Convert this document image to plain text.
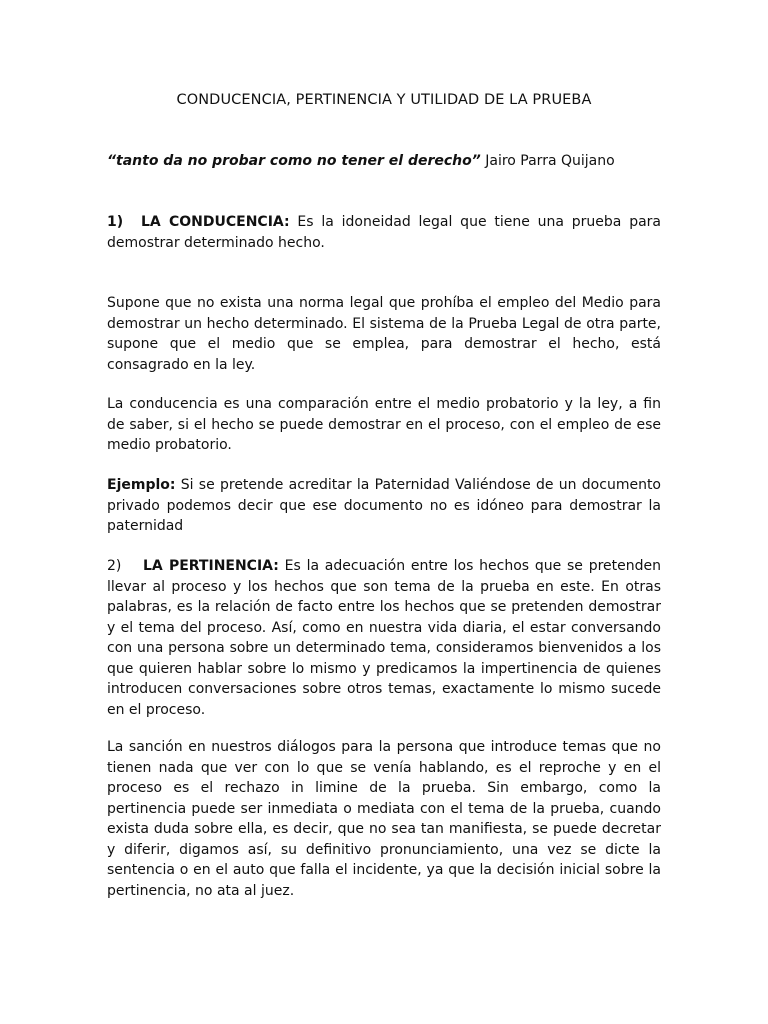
CONDUCENCIA, PERTINENCIA Y UTILIDAD DE LA PRUEBA
“tanto da no probar como no tener el derecho” Jairo Parra Quijano
1) LA CONDUCENCIA: Es la idoneidad legal que tiene una prueba para demostrar determinado hecho.
Supone que no exista una norma legal que prohíba el empleo del Medio para demostrar un hecho determinado. El sistema de la Prueba Legal de otra parte, supone que el medio que se emplea, para demostrar el hecho, está consagrado en la ley.
La conducencia es una comparación entre el medio probatorio y la ley, a fin de saber, si el hecho se puede demostrar en el proceso, con el empleo de ese medio probatorio.
Ejemplo: Si se pretende acreditar la Paternidad Valiéndose de un documento privado podemos decir que ese documento no es idóneo para demostrar la paternidad
2) LA PERTINENCIA: Es la adecuación entre los hechos que se pretenden llevar al proceso y los hechos que son tema de la prueba en este. En otras palabras, es la relación de facto entre los hechos que se pretenden demostrar y el tema del proceso. Así, como en nuestra vida diaria, el estar conversando con una persona sobre un determinado tema, consideramos bienvenidos a los que quieren hablar sobre lo mismo y predicamos la impertinencia de quienes introducen conversaciones sobre otros temas, exactamente lo mismo sucede en el proceso.
La sanción en nuestros diálogos para la persona que introduce temas que no tienen nada que ver con lo que se venía hablando, es el reproche y en el proceso es el rechazo in limine de la prueba. Sin embargo, como la pertinencia puede ser inmediata o mediata con el tema de la prueba, cuando exista duda sobre ella, es decir, que no sea tan manifiesta, se puede decretar y diferir, digamos así, su definitivo pronunciamiento, una vez se dicte la sentencia o en el auto que falla el incidente, ya que la decisión inicial sobre la pertinencia, no ata al juez.
